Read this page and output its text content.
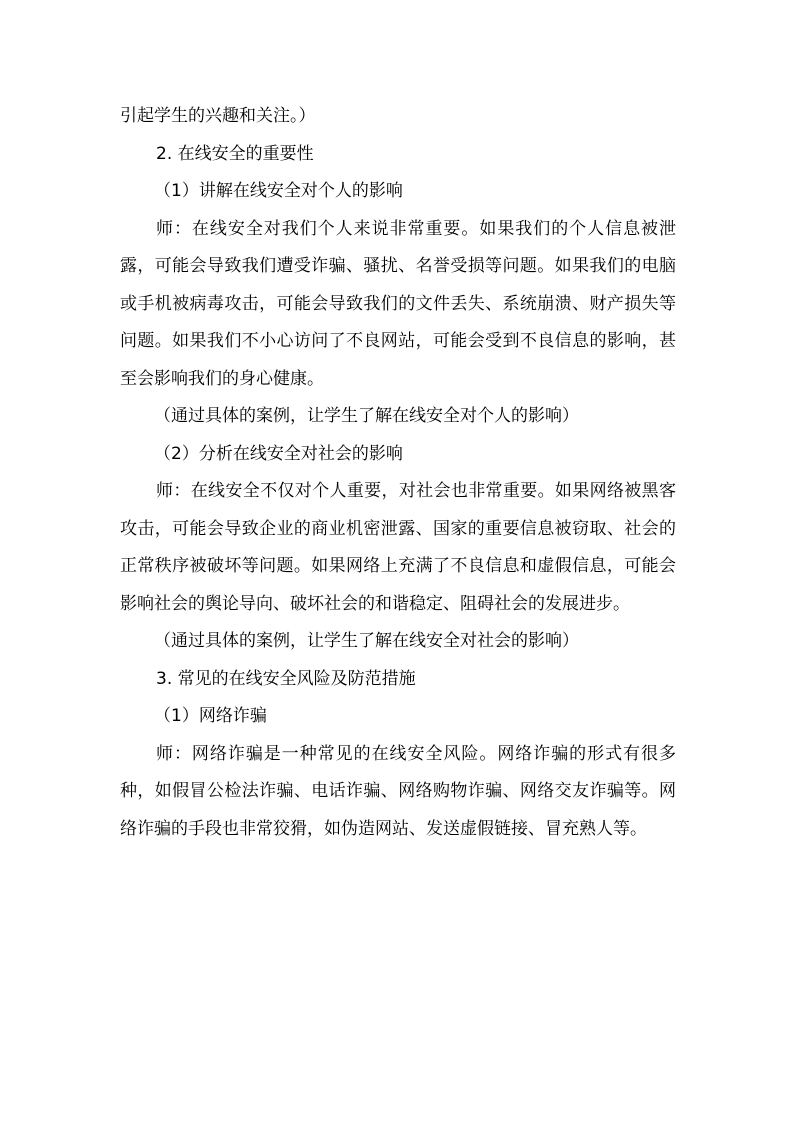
引起学生的兴趣和关注。）

2. 在线安全的重要性

（1）讲解在线安全对个人的影响

师：在线安全对我们个人来说非常重要。如果我们的个人信息被泄露，可能会导致我们遭受诈骗、骚扰、名誉受损等问题。如果我们的电脑或手机被病毒攻击，可能会导致我们的文件丢失、系统崩溃、财产损失等问题。如果我们不小心访问了不良网站，可能会受到不良信息的影响，甚至会影响我们的身心健康。

（通过具体的案例，让学生了解在线安全对个人的影响）

（2）分析在线安全对社会的影响

师：在线安全不仅对个人重要，对社会也非常重要。如果网络被黑客攻击，可能会导致企业的商业机密泄露、国家的重要信息被窃取、社会的正常秩序被破坏等问题。如果网络上充满了不良信息和虚假信息，可能会影响社会的舆论导向、破坏社会的和谐稳定、阻碍社会的发展进步。

（通过具体的案例，让学生了解在线安全对社会的影响）

3. 常见的在线安全风险及防范措施

（1）网络诈骗

师：网络诈骗是一种常见的在线安全风险。网络诈骗的形式有很多种，如假冒公检法诈骗、电话诈骗、网络购物诈骗、网络交友诈骗等。网络诈骗的手段也非常狡猾，如伪造网站、发送虚假链接、冒充熟人等。
